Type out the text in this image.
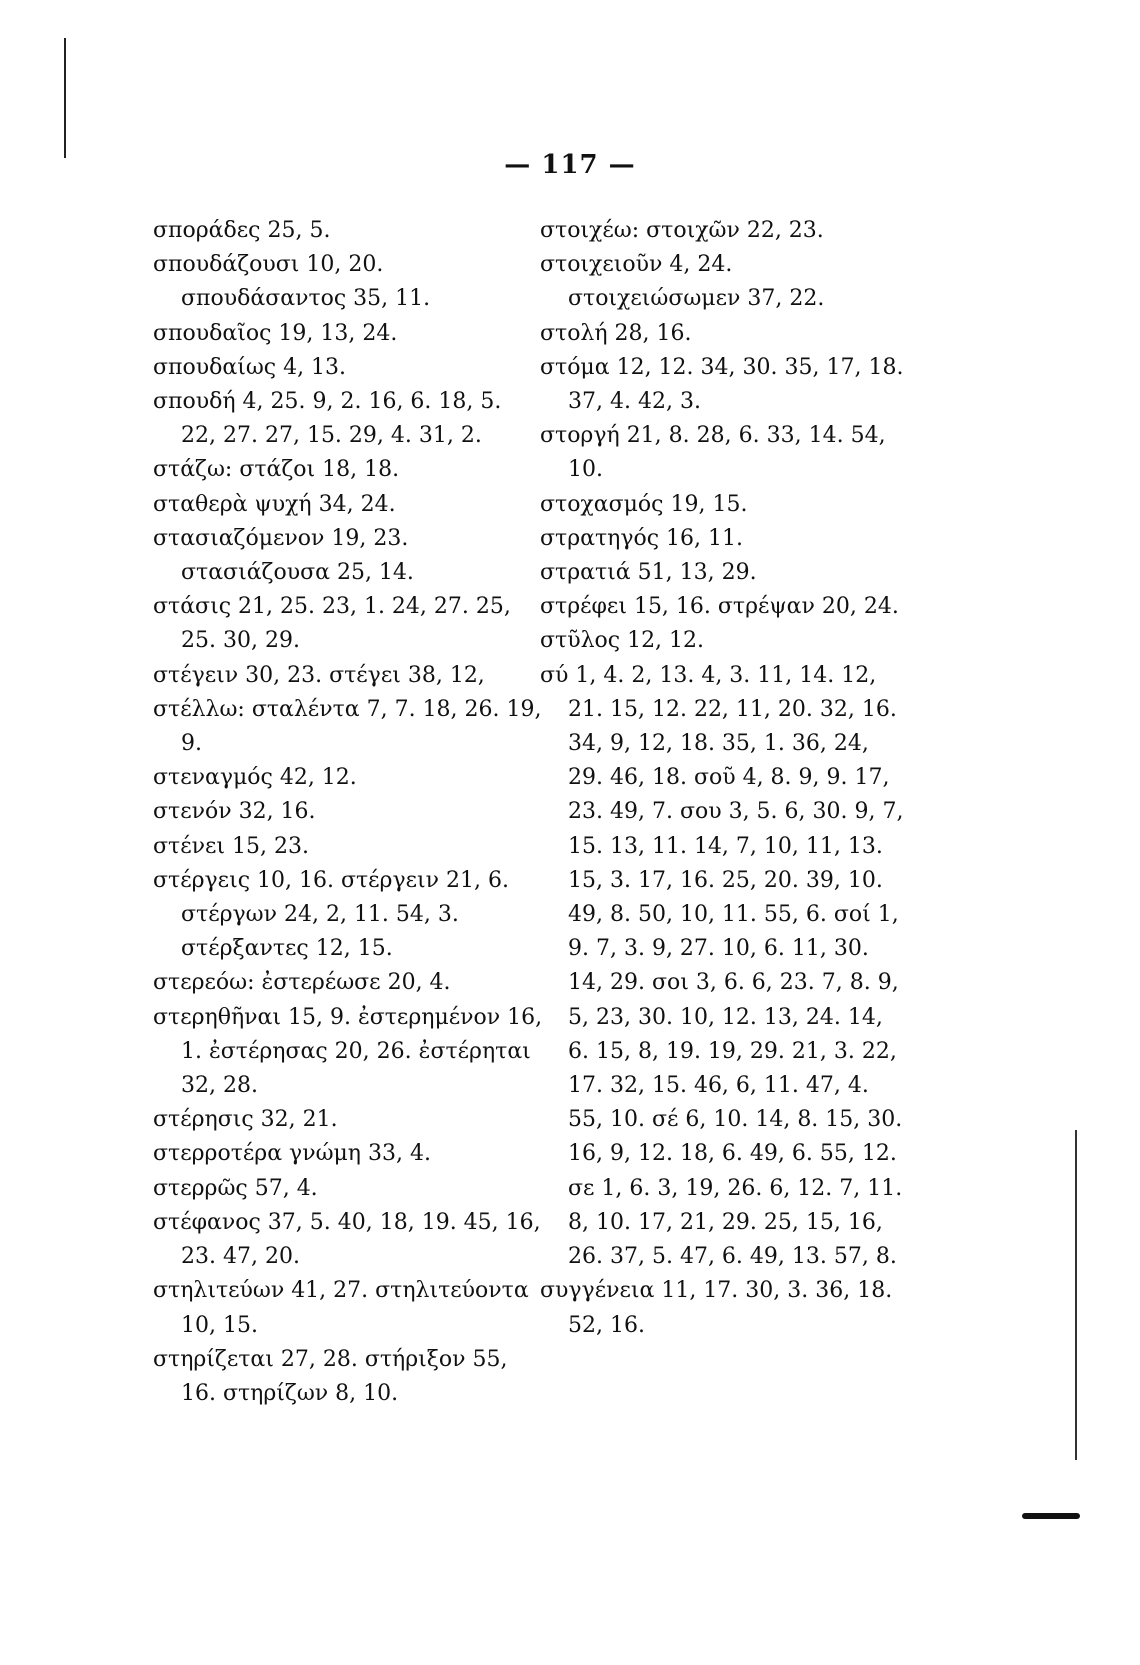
— 117 —
σποράδες 25, 5.
σπουδάζουσι 10, 20. σπουδάσαντος 35, 11.
σπουδαῖος 19, 13, 24.
σπουδαίως 4, 13.
σπουδή 4, 25. 9, 2. 16, 6. 18, 5. 22, 27. 27, 15. 29, 4. 31, 2.
στάζω: στάζοι 18, 18.
σταθερὰ ψυχή 34, 24.
στασιαζόμενον 19, 23. στασιάζουσα 25, 14.
στάσις 21, 25. 23, 1. 24, 27. 25, 25. 30, 29.
στέγειν 30, 23. στέγει 38, 12,
στέλλω: σταλέντα 7, 7. 18, 26. 19, 9.
στεναγμός 42, 12.
στενόν 32, 16.
στένει 15, 23.
στέργεις 10, 16. στέργειν 21, 6. στέργων 24, 2, 11. 54, 3. στέρξαντες 12, 15.
στερεόω: ἐστερέωσε 20, 4.
στερηθῆναι 15, 9. ἐστερημένον 16, 1. ἐστέρησας 20, 26. ἐστέρηται 32, 28.
στέρησις 32, 21.
στερροτέρα γνώμη 33, 4.
στερρῶς 57, 4.
στέφανος 37, 5. 40, 18, 19. 45, 16, 23. 47, 20.
στηλιτεύων 41, 27. στηλιτεύοντα 10, 15.
στηρίζεται 27, 28. στήριξον 55, 16. στηρίζων 8, 10.
στοιχέω: στοιχῶν 22, 23.
στοιχειοῦν 4, 24. στοιχειώσωμεν 37, 22.
στολή 28, 16.
στόμα 12, 12. 34, 30. 35, 17, 18. 37, 4. 42, 3.
στοργή 21, 8. 28, 6. 33, 14. 54, 10.
στοχασμός 19, 15.
στρατηγός 16, 11.
στρατιά 51, 13, 29.
στρέφει 15, 16. στρέψαν 20, 24.
στῦλος 12, 12.
σύ 1, 4. 2, 13. 4, 3. 11, 14. 12, 21. 15, 12. 22, 11, 20. 32, 16. 34, 9, 12, 18. 35, 1. 36, 24, 29. 46, 18. σοῦ 4, 8. 9, 9. 17, 23. 49, 7. σου 3, 5. 6, 30. 9, 7, 15. 13, 11. 14, 7, 10, 11, 13. 15, 3. 17, 16. 25, 20. 39, 10. 49, 8. 50, 10, 11. 55, 6. σοί 1, 9. 7, 3. 9, 27. 10, 6. 11, 30. 14, 29. σοι 3, 6. 6, 23. 7, 8. 9, 5, 23, 30. 10, 12. 13, 24. 14, 6. 15, 8, 19. 19, 29. 21, 3. 22, 17. 32, 15. 46, 6, 11. 47, 4. 55, 10. σέ 6, 10. 14, 8. 15, 30. 16, 9, 12. 18, 6. 49, 6. 55, 12. σε 1, 6. 3, 19, 26. 6, 12. 7, 11. 8, 10. 17, 21, 29. 25, 15, 16, 26. 37, 5. 47, 6. 49, 13. 57, 8.
συγγένεια 11, 17. 30, 3. 36, 18. 52, 16.
